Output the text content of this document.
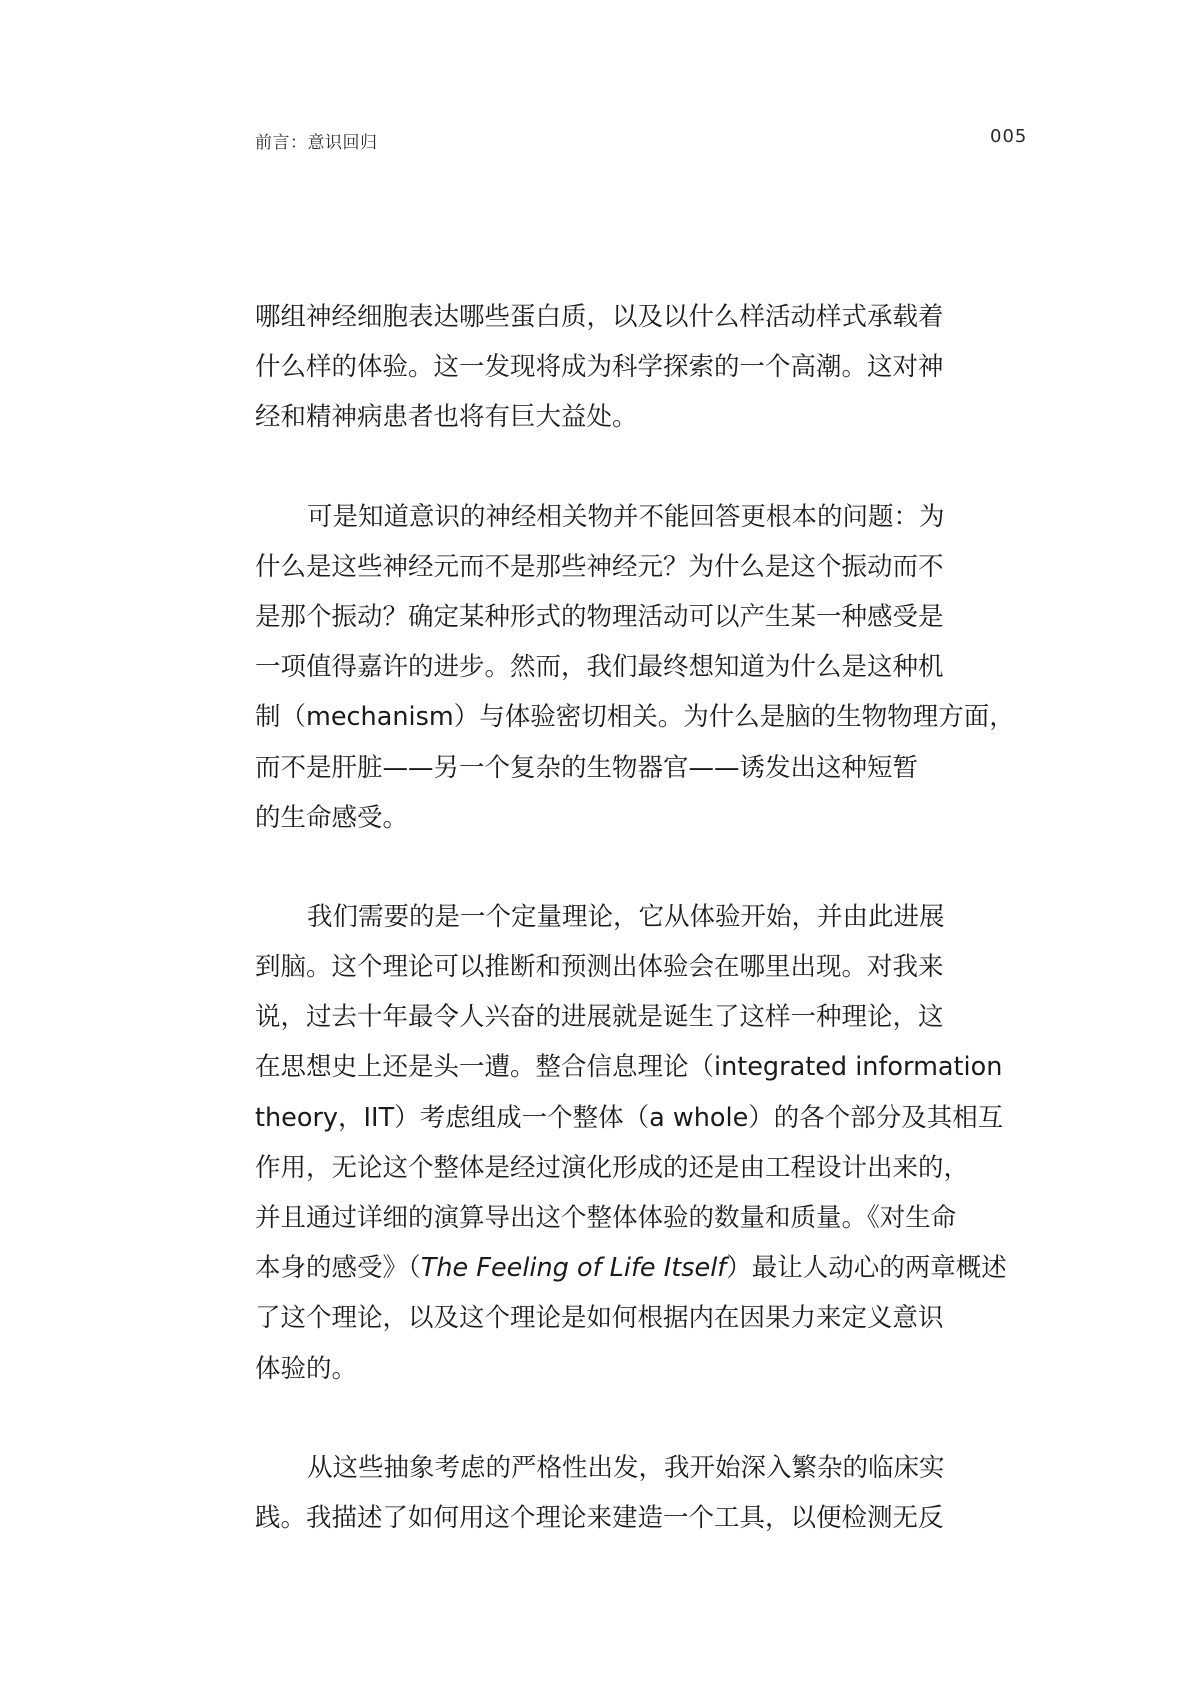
前言：意识回归	005
哪组神经细胞表达哪些蛋白质，以及以什么样活动样式承载着
什么样的体验。这一发现将成为科学探索的一个高潮。这对神
经和精神病患者也将有巨大益处。
可是知道意识的神经相关物并不能回答更根本的问题：为
什么是这些神经元而不是那些神经元？为什么是这个振动而不
是那个振动？确定某种形式的物理活动可以产生某一种感受是
一项值得嘉许的进步。然而，我们最终想知道为什么是这种机
制（mechanism）与体验密切相关。为什么是脑的生物物理方面，
而不是肝脏——另一个复杂的生物器官——诱发出这种短暂
的生命感受。
我们需要的是一个定量理论，它从体验开始，并由此进展
到脑。这个理论可以推断和预测出体验会在哪里出现。对我来
说，过去十年最令人兴奋的进展就是诞生了这样一种理论，这
在思想史上还是头一遭。整合信息理论（integrated information
theory，IIT）考虑组成一个整体（a whole）的各个部分及其相互
作用，无论这个整体是经过演化形成的还是由工程设计出来的，
并且通过详细的演算导出这个整体体验的数量和质量。《对生命
本身的感受》（The Feeling of Life Itself）最让人动心的两章概述
了这个理论，以及这个理论是如何根据内在因果力来定义意识
体验的。
从这些抽象考虑的严格性出发，我开始深入繁杂的临床实
践。我描述了如何用这个理论来建造一个工具，以便检测无反
